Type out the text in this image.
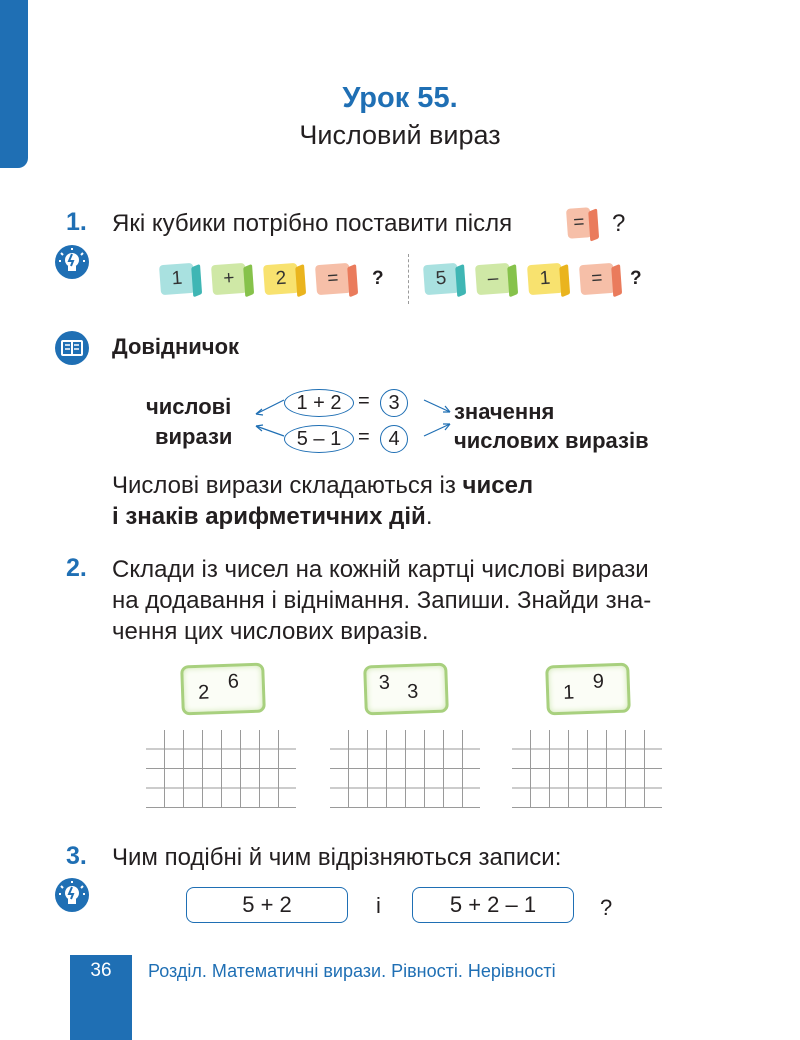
Урок 55.
Числовий вираз
1. Які кубики потрібно поставити після	= ?
1	+	2	=	?	5	–	1	=	?
Довідничок
числові
вирази
1 + 2 = 3
5 – 1 = 4
значення
числових виразів
Числові вирази складаються із чисел
і знаків арифметичних дій.
2. Склади із чисел на кожній картці числові вирази
на додавання і віднімання. Запиши. Знайди зна-
чення цих числових виразів.
2 6	3 3	1 9
3. Чим подібні й чим відрізняються записи:
5 + 2	і	5 + 2 – 1	?
36	Розділ. Математичні вирази. Рівності. Нерівності
